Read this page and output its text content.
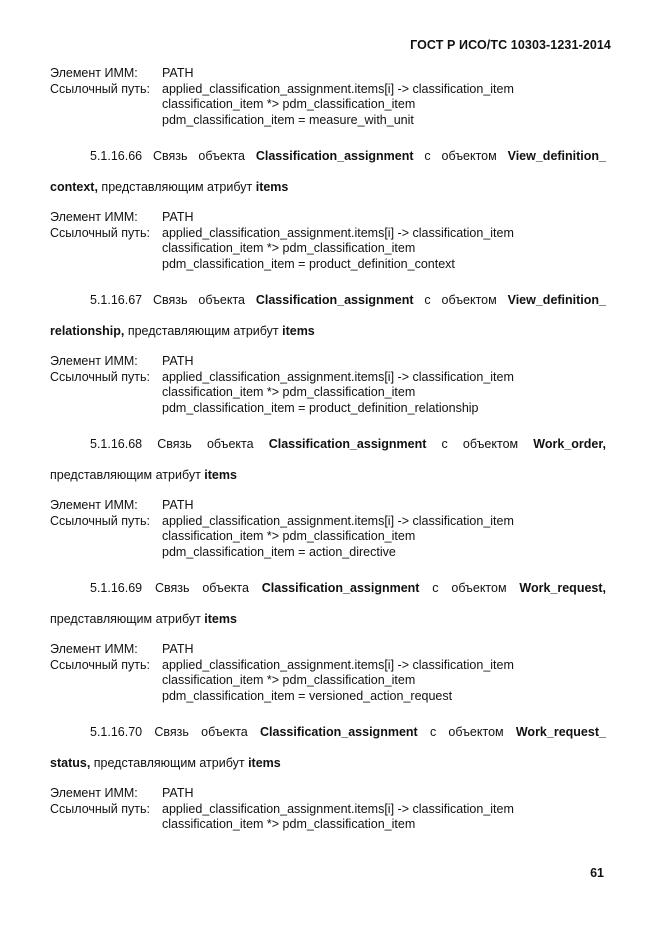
ГОСТ Р ИСО/ТС 10303-1231-2014
Элемент ИММ:	PATH
Ссылочный путь: applied_classification_assignment.items[i] -> classification_item
classification_item *> pdm_classification_item
pdm_classification_item = measure_with_unit
5.1.16.66 Связь объекта Classification_assignment с объектом View_definition_
context, представляющим атрибут items
Элемент ИММ:	PATH
Ссылочный путь: applied_classification_assignment.items[i] -> classification_item
classification_item *> pdm_classification_item
pdm_classification_item = product_definition_context
5.1.16.67 Связь объекта Classification_assignment с объектом View_definition_
relationship, представляющим атрибут items
Элемент ИММ:	PATH
Ссылочный путь: applied_classification_assignment.items[i] -> classification_item
classification_item *> pdm_classification_item
pdm_classification_item = product_definition_relationship
5.1.16.68 Связь объекта Classification_assignment с объектом Work_order,
представляющим атрибут items
Элемент ИММ:	PATH
Ссылочный путь: applied_classification_assignment.items[i] -> classification_item
classification_item *> pdm_classification_item
pdm_classification_item = action_directive
5.1.16.69 Связь объекта Classification_assignment с объектом Work_request,
представляющим атрибут items
Элемент ИММ:	PATH
Ссылочный путь: applied_classification_assignment.items[i] -> classification_item
classification_item *> pdm_classification_item
pdm_classification_item = versioned_action_request
5.1.16.70 Связь объекта Classification_assignment с объектом Work_request_
status, представляющим атрибут items
Элемент ИММ:	PATH
Ссылочный путь: applied_classification_assignment.items[i] -> classification_item
classification_item *> pdm_classification_item
61
